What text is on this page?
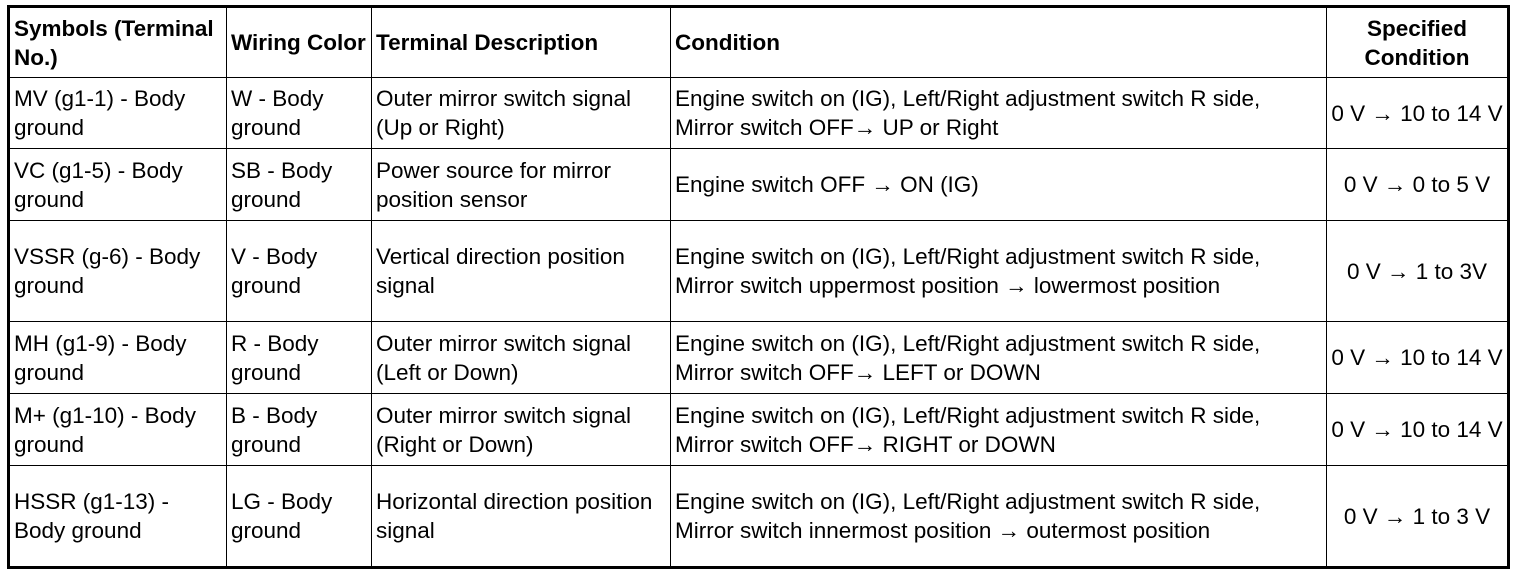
Symbols (Terminal No.)	Wiring Color	Terminal Description	Condition	Specified Condition
MV (g1-1) - Body ground	W - Body ground	Outer mirror switch signal (Up or Right)	Engine switch on (IG), Left/Right adjustment switch R side, Mirror switch OFF→ UP or Right	0 V → 10 to 14 V
VC (g1-5) - Body ground	SB - Body ground	Power source for mirror position sensor	Engine switch OFF → ON (IG)	0 V → 0 to 5 V
VSSR (g-6) - Body ground	V - Body ground	Vertical direction position signal	Engine switch on (IG), Left/Right adjustment switch R side, Mirror switch uppermost position → lowermost position	0 V → 1 to 3V
MH (g1-9) - Body ground	R - Body ground	Outer mirror switch signal (Left or Down)	Engine switch on (IG), Left/Right adjustment switch R side, Mirror switch OFF→ LEFT or DOWN	0 V → 10 to 14 V
M+ (g1-10) - Body ground	B - Body ground	Outer mirror switch signal (Right or Down)	Engine switch on (IG), Left/Right adjustment switch R side, Mirror switch OFF→ RIGHT or DOWN	0 V → 10 to 14 V
HSSR (g1-13) - Body ground	LG - Body ground	Horizontal direction position signal	Engine switch on (IG), Left/Right adjustment switch R side, Mirror switch innermost position → outermost position	0 V → 1 to 3 V
